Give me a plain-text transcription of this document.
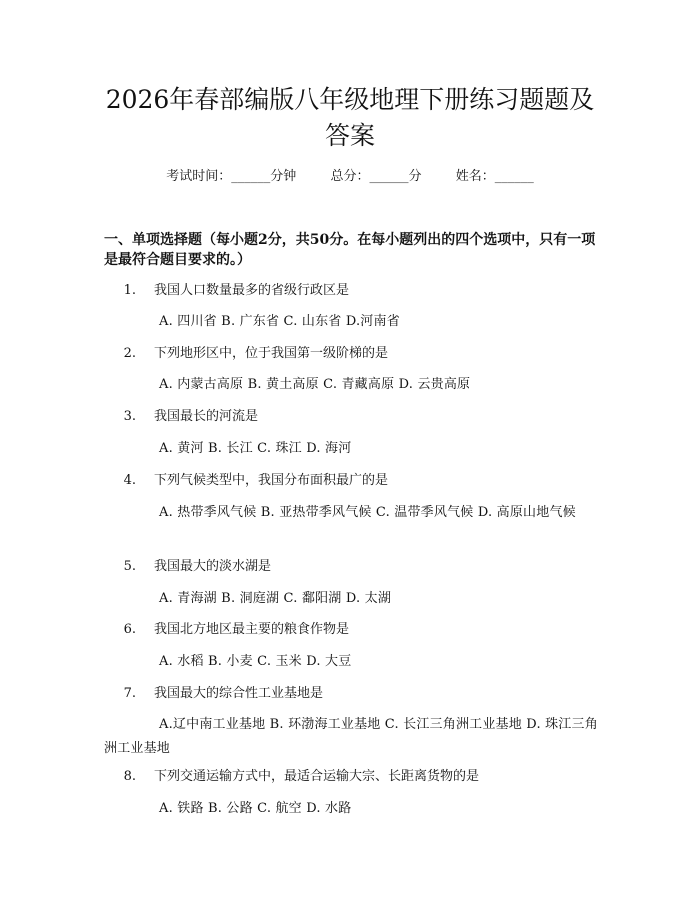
2026年春部编版八年级地理下册练习题题及答案
考试时间：______分钟	总分：______分	姓名：______
一、单项选择题（每小题2分，共50分。在每小题列出的四个选项中，只有一项是最符合题目要求的。）
1. 我国人口数量最多的省级行政区是
A. 四川省 B. 广东省 C. 山东省 D.河南省
2. 下列地形区中，位于我国第一级阶梯的是
A. 内蒙古高原 B. 黄土高原 C. 青藏高原 D. 云贵高原
3. 我国最长的河流是
A. 黄河 B. 长江 C. 珠江 D. 海河
4. 下列气候类型中，我国分布面积最广的是
A. 热带季风气候 B. 亚热带季风气候 C. 温带季风气候 D. 高原山地气候
5. 我国最大的淡水湖是
A. 青海湖 B. 洞庭湖 C. 鄱阳湖 D. 太湖
6. 我国北方地区最主要的粮食作物是
A. 水稻 B. 小麦 C. 玉米 D. 大豆
7. 我国最大的综合性工业基地是
A.辽中南工业基地 B. 环渤海工业基地 C. 长江三角洲工业基地 D. 珠江三角洲工业基地
8. 下列交通运输方式中，最适合运输大宗、长距离货物的是
A. 铁路 B. 公路 C. 航空 D. 水路
